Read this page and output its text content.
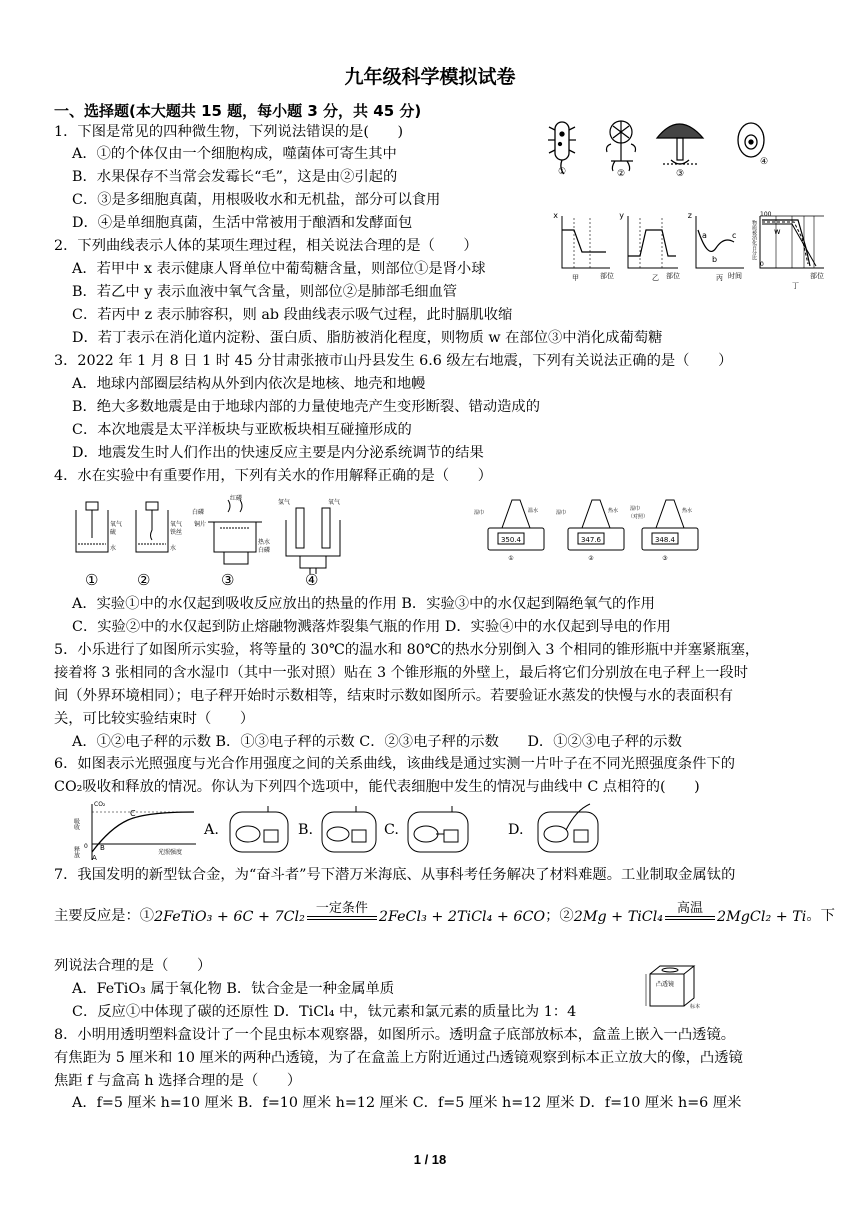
九年级科学模拟试卷
一、选择题(本大题共 15 题，每小题 3 分，共 45 分)
1．下图是常见的四种微生物，下列说法错误的是(　　)
A．①的个体仅由一个细胞构成，噬菌体可寄生其中
B．水果保存不当常会发霉长“毛”，这是由②引起的
C．③是多细胞真菌，用根吸收水和无机盐，部分可以食用
D．④是单细胞真菌，生活中常被用于酿酒和发酵面包
①	②	③
④
2．下列曲线表示人体的某项生理过程，相关说法合理的是（　　）
A．若甲中 x 表示健康人肾单位中葡萄糖含量，则部位①是肾小球
B．若乙中 y 表示血液中氧气含量，则部位②是肺部毛细血管
C．若丙中 z 表示肺容积，则 ab 段曲线表示吸气过程，此时膈肌收缩
D．若丁表示在消化道内淀粉、蛋白质、脂肪被消化程度，则物质 w 在部位③中消化成葡萄糖
x	y	z
w
100
0
a
b
c
部位	部位	时间	部位
甲	乙	丙
丁
物质被消化百分比
3．2022 年 1 月 8 日 1 时 45 分甘肃张掖市山丹县发生 6.6 级左右地震，下列有关说法正确的是（　　）
A．地球内部圈层结构从外到内依次是地核、地壳和地幔
B．绝大多数地震是由于地球内部的力量使地壳产生变形断裂、错动造成的
C．本次地震是太平洋板块与亚欧板块相互碰撞形成的
D．地震发生时人们作出的快速反应主要是内分泌系统调节的结果
4．水在实验中有重要作用，下列有关水的作用解释正确的是（　　）
氧气
硫
水
氧气
铁丝
水
红磷
白磷
铜片
热水
白磷
氢气	氧气
①	②	③	④
350.4	347.6	348.4
湿巾	温水	湿巾	热水 湿巾
（对照）
热水
①	②	③
A．实验①中的水仅起到吸收反应放出的热量的作用 B．实验③中的水仅起到隔绝氧气的作用
C．实验②中的水仅起到防止熔融物溅落炸裂集气瓶的作用 D．实验④中的水仅起到导电的作用
5．小乐进行了如图所示实验，将等量的 30℃的温水和 80℃的热水分别倒入 3 个相同的锥形瓶中并塞紧瓶塞，
接着将 3 张相同的含水湿巾（其中一张对照）贴在 3 个锥形瓶的外壁上，最后将它们分别放在电子秤上一段时
间（外界环境相同）；电子秤开始时示数相等，结束时示数如图所示。若要验证水蒸发的快慢与水的表面积有
关，可比较实验结束时（　　）
A．①②电子秤的示数 B．①③电子秤的示数 C．②③电子秤的示数　　D．①②③电子秤的示数
6．如图表示光照强度与光合作用强度之间的关系曲线，该曲线是通过实测一片叶子在不同光照强度条件下的
CO₂吸收和释放的情况。你认为下列四个选项中，能代表细胞中发生的情况与曲线中 C 点相符的(　　)
CO₂
吸收
释放 0
A
B
C
光照强度
A.	B.	C.	D.
7．我国发明的新型钛合金，为“奋斗者”号下潜万米海底、从事科考任务解决了材料难题。工业制取金属钛的
主要反应是：① 2FeTiO₃ + 6C + 7Cl₂
一定条件
2FeCl₃ + 2TiCl₄ + 6CO ；② 2Mg + TiCl₄
高温
2MgCl₂ + Ti 。下
列说法合理的是（　　）
A．FeTiO₃ 属于氧化物 B．钛合金是一种金属单质
C．反应①中体现了碳的还原性 D．TiCl₄ 中，钛元素和氯元素的质量比为 1：4
凸透镜
标本
8．小明用透明塑料盒设计了一个昆虫标本观察器，如图所示。透明盒子底部放标本，盒盖上嵌入一凸透镜。
有焦距为 5 厘米和 10 厘米的两种凸透镜，为了在盒盖上方附近通过凸透镜观察到标本正立放大的像，凸透镜
焦距 f 与盒高 h 选择合理的是（　　）
A．f=5 厘米 h=10 厘米 B．f=10 厘米 h=12 厘米 C．f=5 厘米 h=12 厘米 D．f=10 厘米 h=6 厘米
1 / 18
